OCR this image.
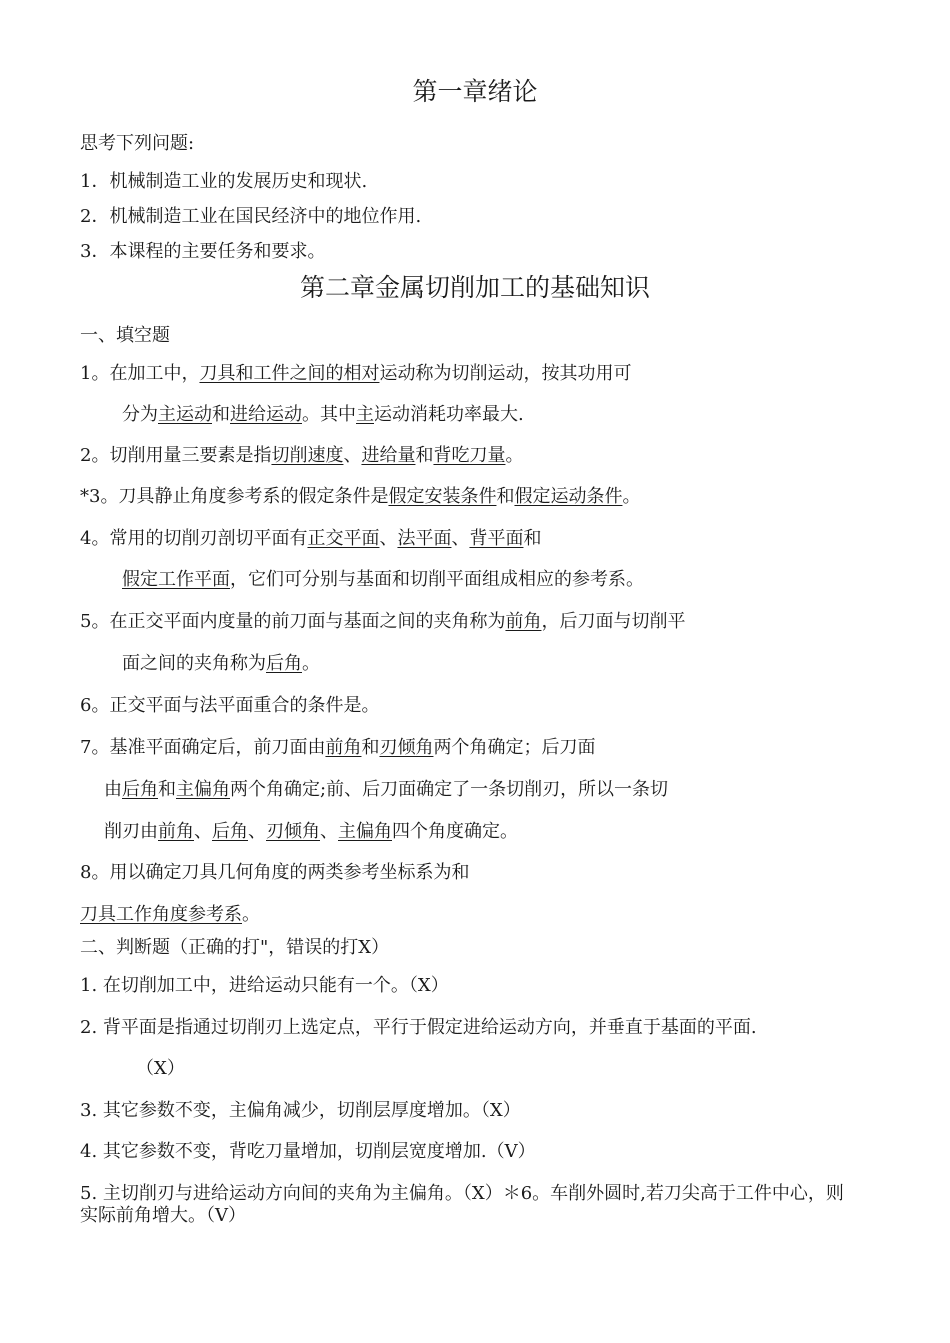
第一章绪论
思考下列问题:
1．机械制造工业的发展历史和现状.
2．机械制造工业在国民经济中的地位作用.
3．本课程的主要任务和要求。
第二章金属切削加工的基础知识
一、填空题
1。在加工中，刀具和工件之间的相对运动称为切削运动，按其功用可
分为主运动和进给运动。其中主运动消耗功率最大.
2。切削用量三要素是指切削速度、进给量和背吃刀量。
*3。刀具静止角度参考系的假定条件是假定安装条件和假定运动条件。
4。常用的切削刃剖切平面有正交平面、法平面、背平面和
假定工作平面，它们可分别与基面和切削平面组成相应的参考系。
5。在正交平面内度量的前刀面与基面之间的夹角称为前角，后刀面与切削平
面之间的夹角称为后角。
6。正交平面与法平面重合的条件是。
7。基准平面确定后，前刀面由前角和刃倾角两个角确定；后刀面
由后角和主偏角两个角确定;前、后刀面确定了一条切削刃，所以一条切
削刃由前角、后角、刃倾角、主偏角四个角度确定。
8。用以确定刀具几何角度的两类参考坐标系为和
刀具工作角度参考系。
二、判断题（正确的打"，错误的打X）
1. 在切削加工中，进给运动只能有一个。（X）
2. 背平面是指通过切削刃上选定点，平行于假定进给运动方向，并垂直于基面的平面.
（X）
3. 其它参数不变，主偏角减少，切削层厚度增加。（X）
4. 其它参数不变，背吃刀量增加，切削层宽度增加.（V）
5. 主切削刃与进给运动方向间的夹角为主偏角。（X）＊6。车削外圆时,若刀尖高于工件中心，则实际前角增大。（V）
